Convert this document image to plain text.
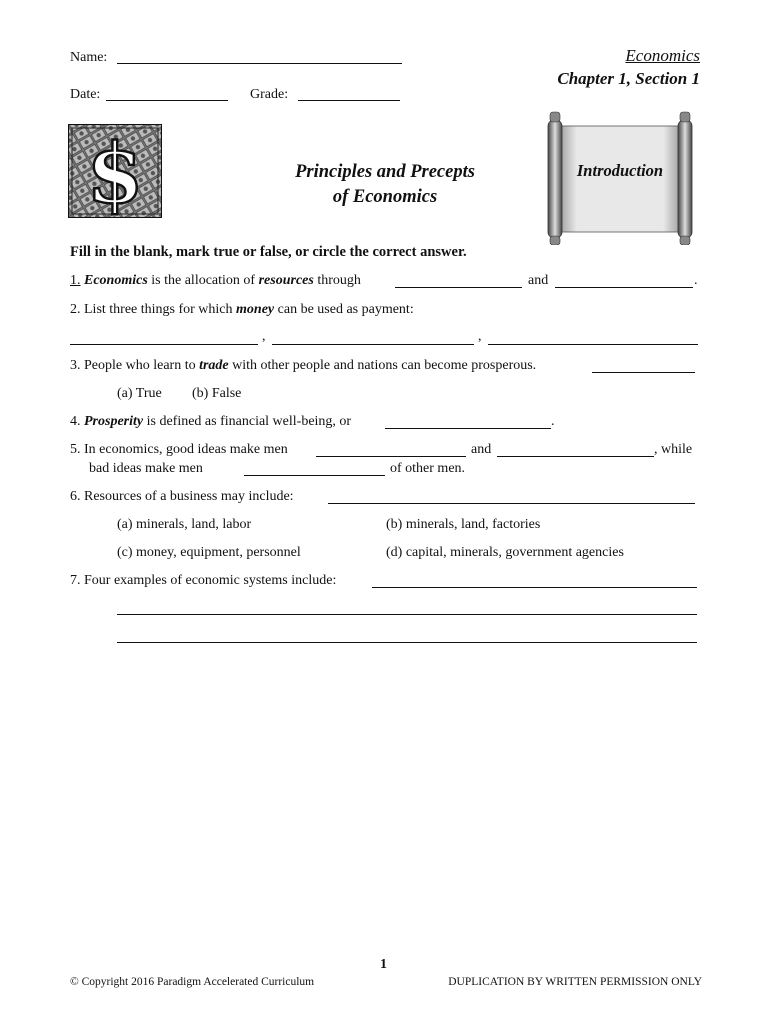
Name:
Date:	Grade:
Economics
Chapter 1, Section 1
$	Principles and Precepts
of Economics
Introduction
Fill in the blank, mark true or false, or circle the correct answer.
1. Economics is the allocation of resources through	and	.
2. List three things for which money can be used as payment:
,	,
3. People who learn to trade with other people and nations can become prosperous.
(a) True (b) False
4. Prosperity is defined as financial well-being, or	.
5. In economics, good ideas make men	and	, while
bad ideas make men	of other men.
6. Resources of a business may include:
(a) minerals, land, labor	(b) minerals, land, factories
(c) money, equipment, personnel	(d) capital, minerals, government agencies
7. Four examples of economic systems include:
1
© Copyright 2016 Paradigm Accelerated Curriculum	DUPLICATION BY WRITTEN PERMISSION ONLY
